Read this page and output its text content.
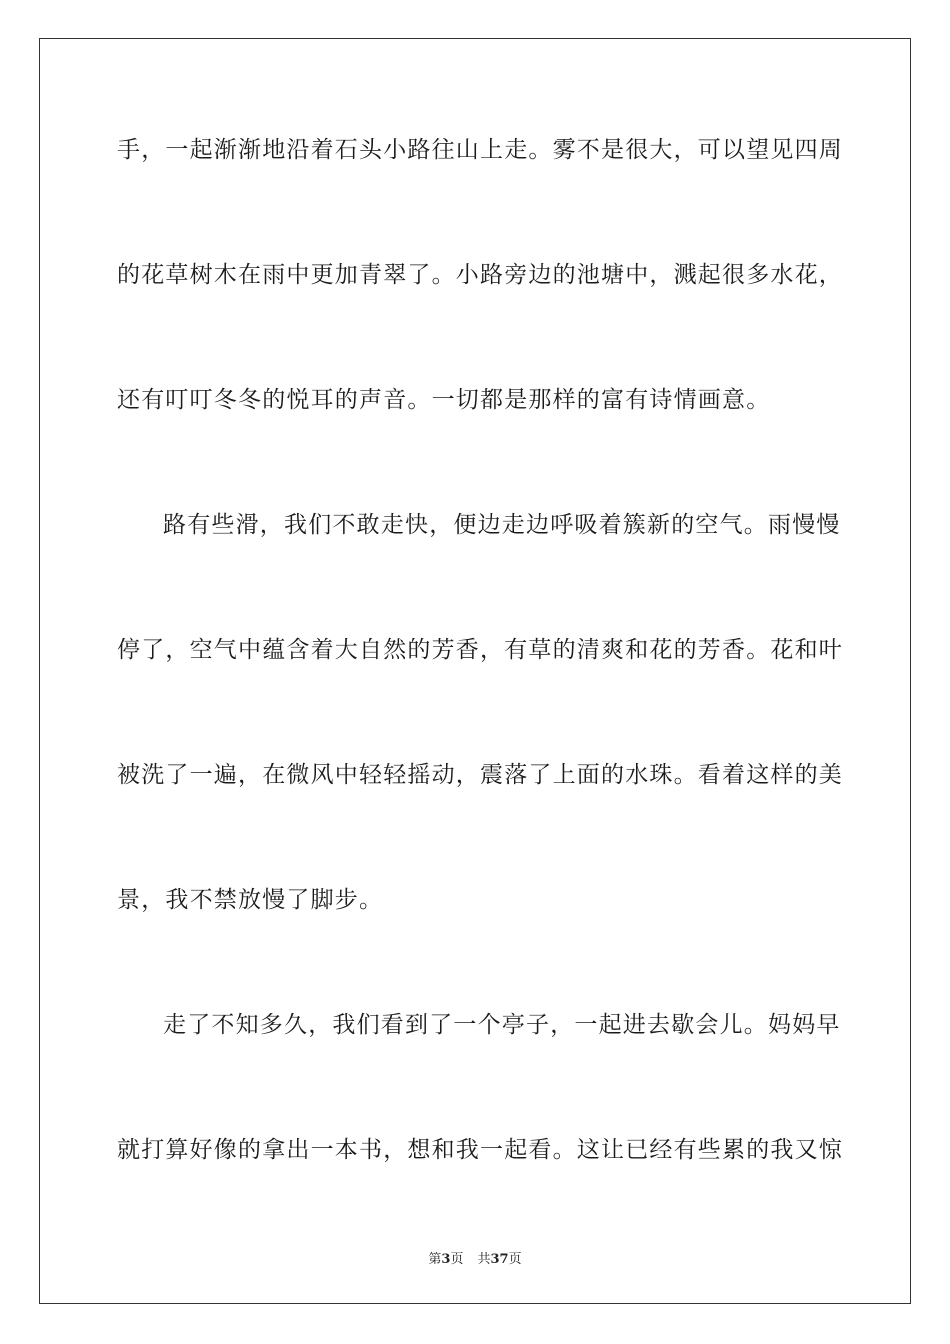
手，一起渐渐地沿着石头小路往山上走。雾不是很大，可以望见四周
的花草树木在雨中更加青翠了。小路旁边的池塘中，溅起很多水花，
还有叮叮冬冬的悦耳的声音。一切都是那样的富有诗情画意。
路有些滑，我们不敢走快，便边走边呼吸着簇新的空气。雨慢慢
停了，空气中蕴含着大自然的芳香，有草的清爽和花的芳香。花和叶
被洗了一遍，在微风中轻轻摇动，震落了上面的水珠。看着这样的美
景，我不禁放慢了脚步。
走了不知多久，我们看到了一个亭子，一起进去歇会儿。妈妈早
就打算好像的拿出一本书，想和我一起看。这让已经有些累的我又惊
第3页 共37页
